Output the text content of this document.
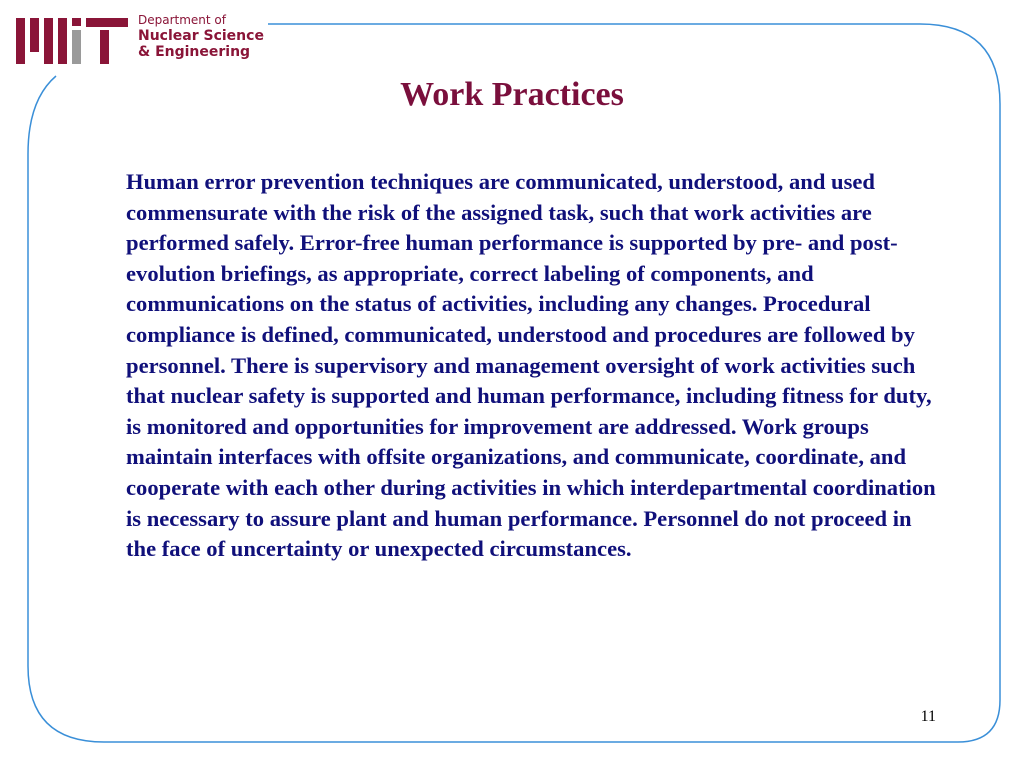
Department of
Nuclear Science
& Engineering
Work Practices

Human error prevention techniques are communicated, understood, and used commensurate with the risk of the assigned task, such that work activities are performed safely. Error-free human performance is supported by pre- and post-evolution briefings, as appropriate, correct labeling of components, and communications on the status of activities, including any changes. Procedural compliance is defined, communicated, understood and procedures are followed by personnel. There is supervisory and management oversight of work activities such that nuclear safety is supported and human performance, including fitness for duty, is monitored and opportunities for improvement are addressed. Work groups maintain interfaces with offsite organizations, and communicate, coordinate, and cooperate with each other during activities in which interdepartmental coordination is necessary to assure plant and human performance. Personnel do not proceed in the face of uncertainty or unexpected circumstances.

11
